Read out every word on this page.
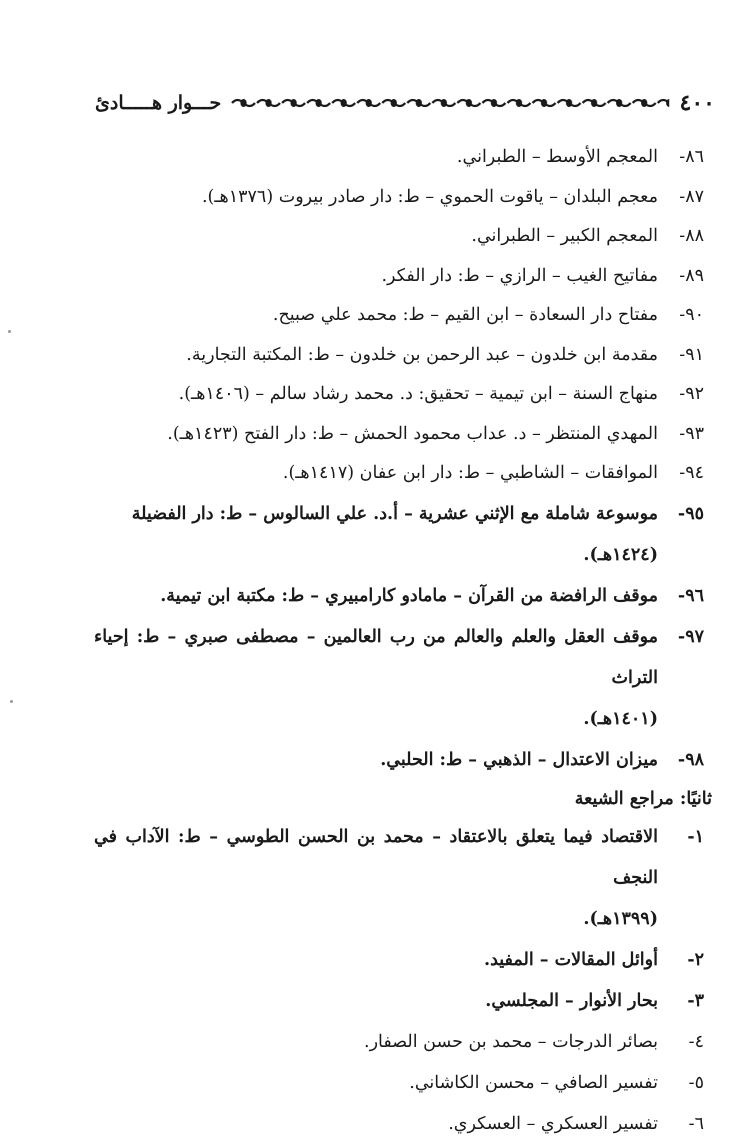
٤٠٠
حـــوار هـــــادئ
٨٦-
المعجم الأوسط – الطبراني.
٨٧-
معجم البلدان – ياقوت الحموي – ط: دار صادر بيروت (١٣٧٦هـ).
٨٨-
المعجم الكبير – الطبراني.
٨٩-
مفاتيح الغيب – الرازي – ط: دار الفكر.
٩٠-
مفتاح دار السعادة – ابن القيم – ط: محمد علي صبيح.
٩١-
مقدمة ابن خلدون – عبد الرحمن بن خلدون – ط: المكتبة التجارية.
٩٢-
منهاج السنة – ابن تيمية – تحقيق: د. محمد رشاد سالم – (١٤٠٦هـ).
٩٣-
المهدي المنتظر – د. عداب محمود الحمش – ط: دار الفتح (١٤٢٣هـ).
٩٤-
الموافقات – الشاطبي – ط: دار ابن عفان (١٤١٧هـ).
٩٥-
موسوعة شاملة مع الإثني عشرية – أ.د. علي السالوس – ط: دار الفضيلة
(١٤٢٤هـ).
٩٦-
موقف الرافضة من القرآن – مامادو كارامبيري – ط: مكتبة ابن تيمية.
٩٧-
موقف العقل والعلم والعالم من رب العالمين – مصطفى صبري – ط: إحياء التراث
(١٤٠١هـ).
٩٨-
ميزان الاعتدال – الذهبي – ط: الحلبي.
ثانيًا: مراجع الشيعة
١-
الاقتصاد فيما يتعلق بالاعتقاد – محمد بن الحسن الطوسي – ط: الآداب في النجف
(١٣٩٩هـ).
٢-
أوائل المقالات – المفيد.
٣-
بحار الأنوار – المجلسي.
٤-
بصائر الدرجات – محمد بن حسن الصفار.
٥-
تفسير الصافي – محسن الكاشاني.
٦-
تفسير العسكري – العسكري.
